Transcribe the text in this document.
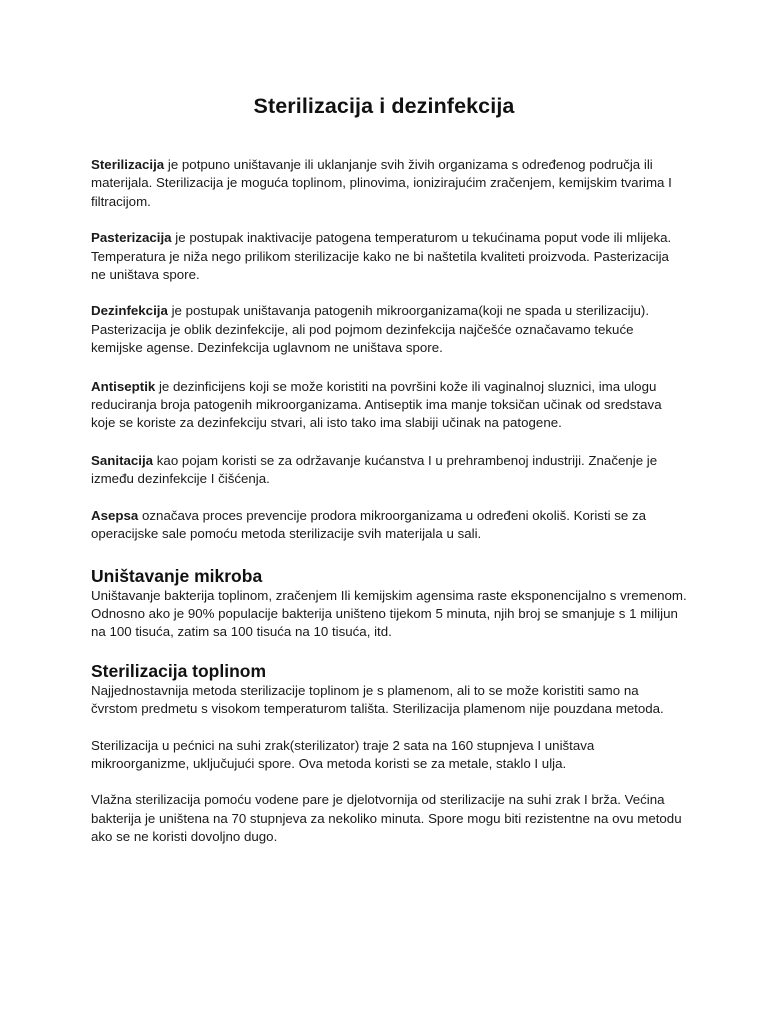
Sterilizacija i dezinfekcija

Sterilizacija je potpuno uništavanje ili uklanjanje svih živih organizama s određenog područja ili materijala. Sterilizacija je moguća toplinom, plinovima, ionizirajućim zračenjem, kemijskim tvarima I filtracijom.

Pasterizacija je postupak inaktivacije patogena temperaturom u tekućinama poput vode ili mlijeka. Temperatura je niža nego prilikom sterilizacije kako ne bi naštetila kvaliteti proizvoda. Pasterizacija ne uništava spore.

Dezinfekcija je postupak uništavanja patogenih mikroorganizama(koji ne spada u sterilizaciju). Pasterizacija je oblik dezinfekcije, ali pod pojmom dezinfekcija najčešće označavamo tekuće kemijske agense. Dezinfekcija uglavnom ne uništava spore.

Antiseptik je dezinficijens koji se može koristiti na površini kože ili vaginalnoj sluznici, ima ulogu reduciranja broja patogenih mikroorganizama. Antiseptik ima manje toksičan učinak od sredstava koje se koriste za dezinfekciju stvari, ali isto tako ima slabiji učinak na patogene.

Sanitacija kao pojam koristi se za održavanje kućanstva I u prehrambenoj industriji. Značenje je između dezinfekcije I čišćenja.

Asepsa označava proces prevencije prodora mikroorganizama u određeni okoliš. Koristi se za operacijske sale pomoću metoda sterilizacije svih materijala u sali.

Uništavanje mikroba

Uništavanje bakterija toplinom, zračenjem Ili kemijskim agensima raste eksponencijalno s vremenom. Odnosno ako je 90% populacije bakterija uništeno tijekom 5 minuta, njih broj se smanjuje s 1 milijun na 100 tisuća, zatim sa 100 tisuća na 10 tisuća, itd.

Sterilizacija toplinom

Najjednostavnija metoda sterilizacije toplinom je s plamenom, ali to se može koristiti samo na čvrstom predmetu s visokom temperaturom tališta. Sterilizacija plamenom nije pouzdana metoda.

Sterilizacija u pećnici na suhi zrak(sterilizator) traje 2 sata na 160 stupnjeva I uništava mikroorganizme, uključujući spore. Ova metoda koristi se za metale, staklo I ulja.

Vlažna sterilizacija pomoću vodene pare je djelotvornija od sterilizacije na suhi zrak I brža. Većina bakterija je uništena na 70 stupnjeva za nekoliko minuta. Spore mogu biti rezistentne na ovu metodu ako se ne koristi dovoljno dugo.
